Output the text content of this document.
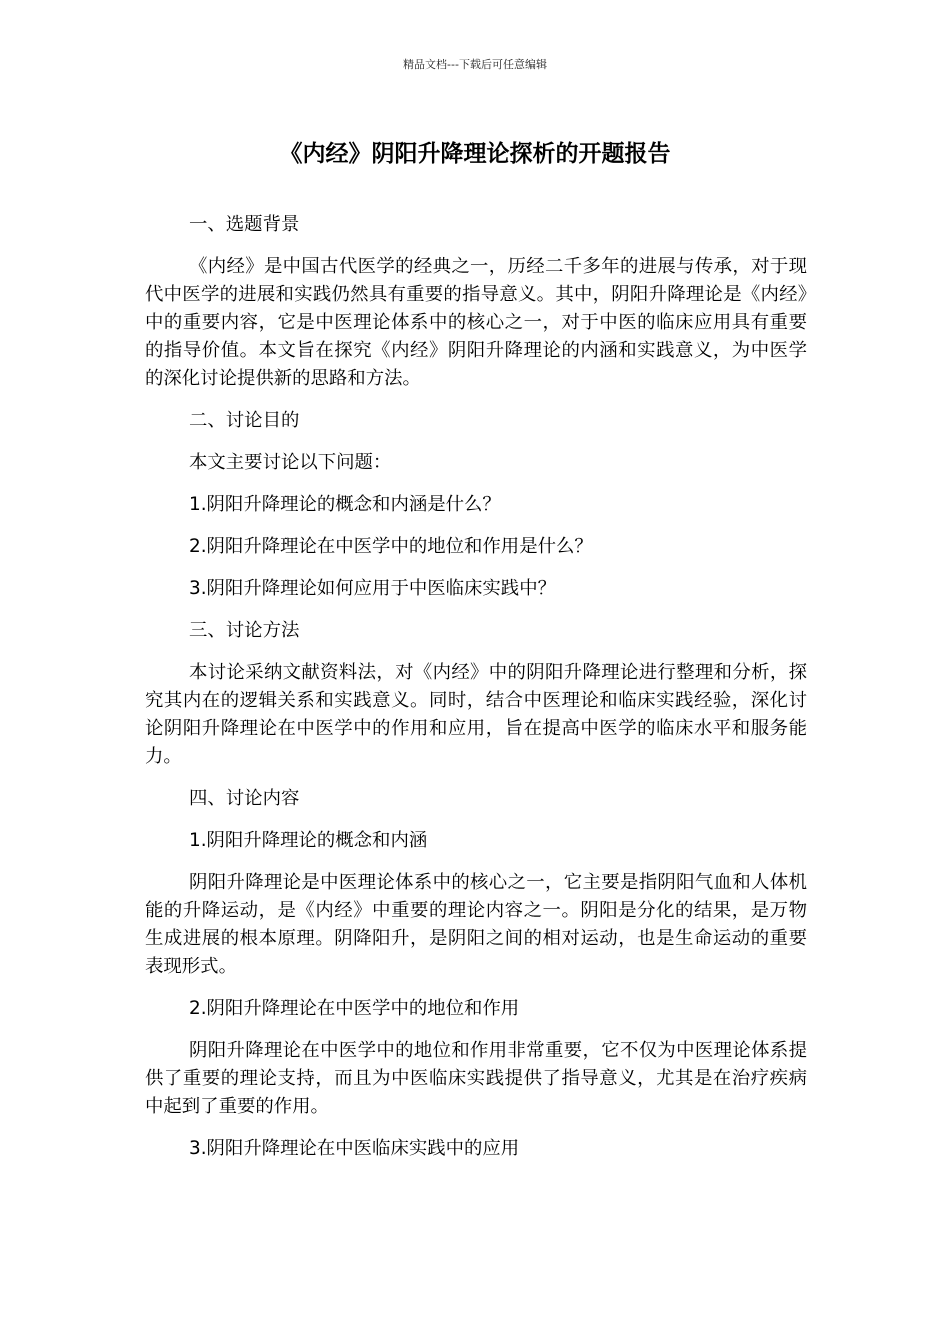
精品文档---下载后可任意编辑
《内经》阴阳升降理论探析的开题报告

一、选题背景

《内经》是中国古代医学的经典之一，历经二千多年的进展与传承，对于现代中医学的进展和实践仍然具有重要的指导意义。其中，阴阳升降理论是《内经》中的重要内容，它是中医理论体系中的核心之一，对于中医的临床应用具有重要的指导价值。本文旨在探究《内经》阴阳升降理论的内涵和实践意义，为中医学的深化讨论提供新的思路和方法。

二、讨论目的

本文主要讨论以下问题：

1.阴阳升降理论的概念和内涵是什么？

2.阴阳升降理论在中医学中的地位和作用是什么？

3.阴阳升降理论如何应用于中医临床实践中？

三、讨论方法

本讨论采纳文献资料法，对《内经》中的阴阳升降理论进行整理和分析，探究其内在的逻辑关系和实践意义。同时，结合中医理论和临床实践经验，深化讨论阴阳升降理论在中医学中的作用和应用，旨在提高中医学的临床水平和服务能力。

四、讨论内容

1.阴阳升降理论的概念和内涵

阴阳升降理论是中医理论体系中的核心之一，它主要是指阴阳气血和人体机能的升降运动，是《内经》中重要的理论内容之一。阴阳是分化的结果，是万物生成进展的根本原理。阴降阳升，是阴阳之间的相对运动，也是生命运动的重要表现形式。

2.阴阳升降理论在中医学中的地位和作用

阴阳升降理论在中医学中的地位和作用非常重要，它不仅为中医理论体系提供了重要的理论支持，而且为中医临床实践提供了指导意义，尤其是在治疗疾病中起到了重要的作用。

3.阴阳升降理论在中医临床实践中的应用
